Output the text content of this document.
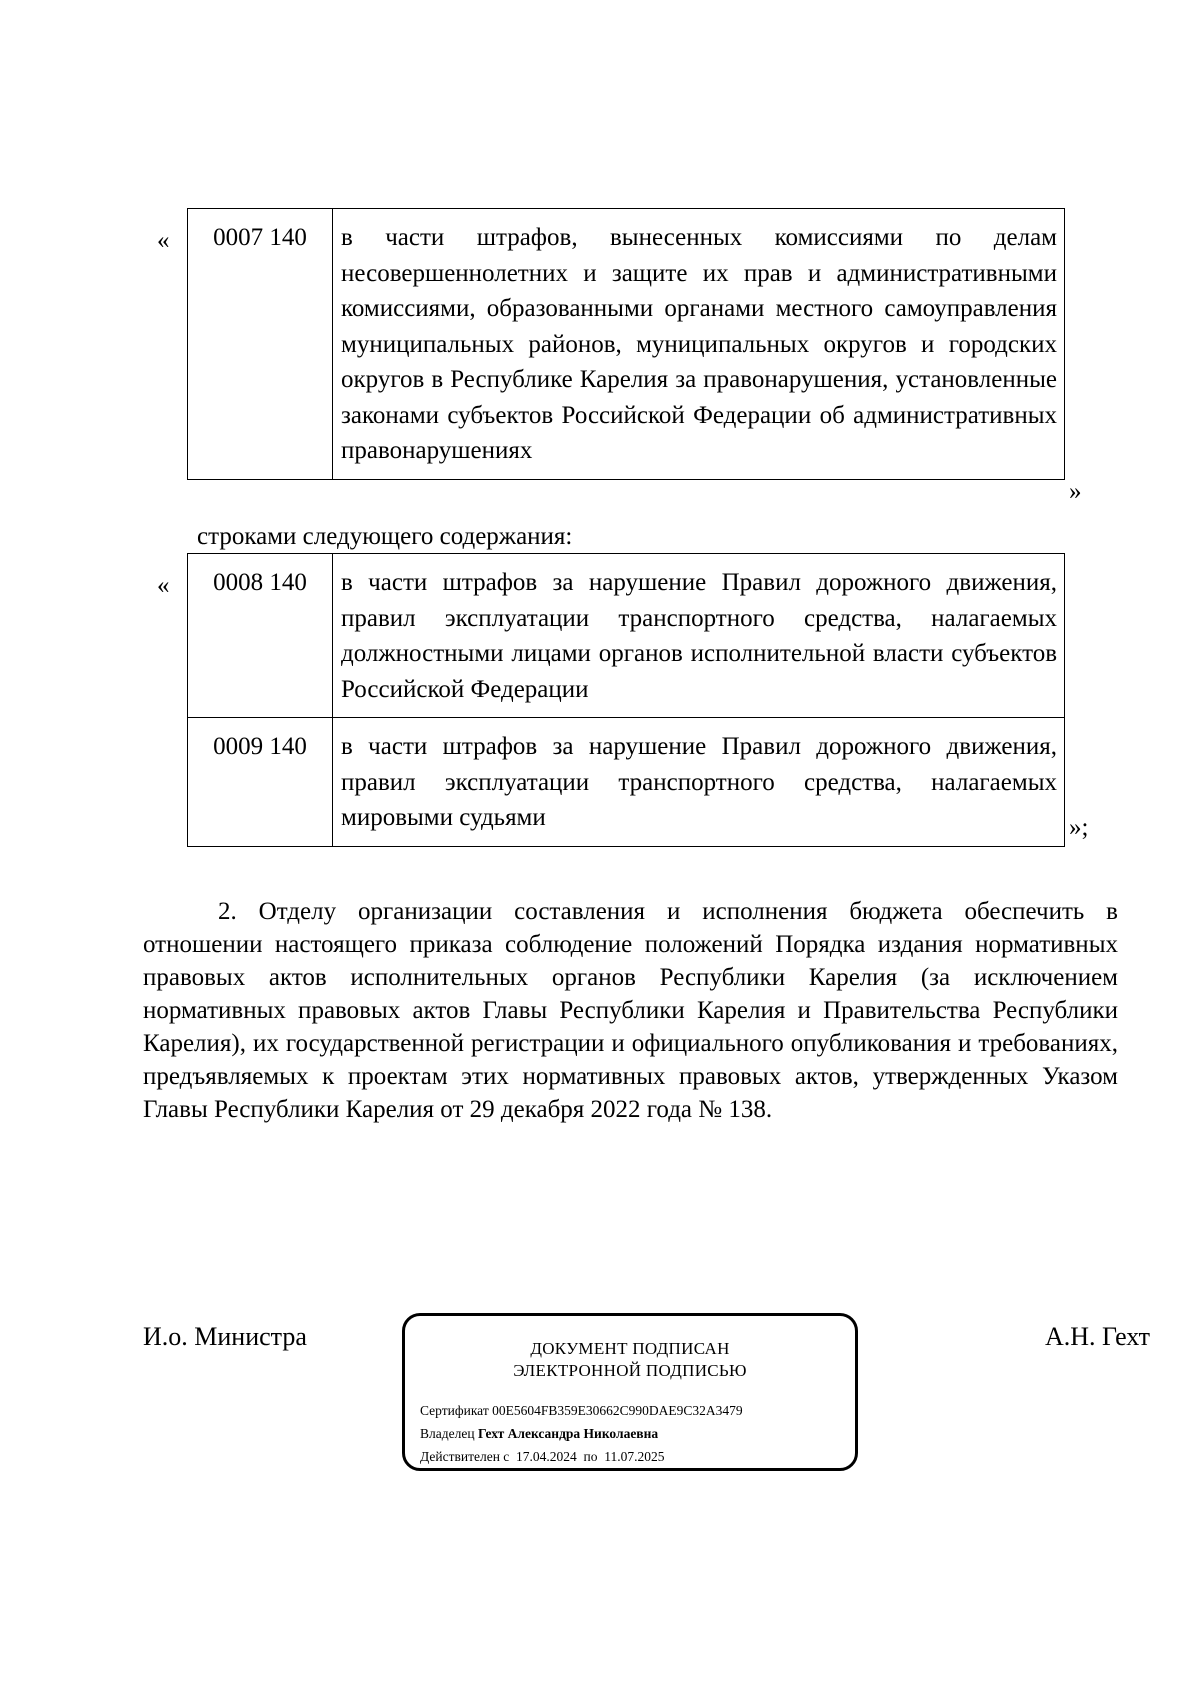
« 0007 140	в части штрафов, вынесенных комиссиями по делам несовершеннолетних и защите их прав и административными комиссиями, образованными органами местного самоуправления муниципальных районов, муниципальных округов и городских округов в Республике Карелия за правонарушения, установленные законами субъектов Российской Федерации об административных правонарушениях
»
строками следующего содержания:
« 0008 140	в части штрафов за нарушение Правил дорожного движения, правил эксплуатации транспортного средства, налагаемых должностными лицами органов исполнительной власти субъектов Российской Федерации
0009 140	в части штрафов за нарушение Правил дорожного движения, правил эксплуатации транспортного средства, налагаемых мировыми судьями	»;

2. Отделу организации составления и исполнения бюджета обеспечить в отношении настоящего приказа соблюдение положений Порядка издания нормативных правовых актов исполнительных органов Республики Карелия (за исключением нормативных правовых актов Главы Республики Карелия и Правительства Республики Карелия), их государственной регистрации и официального опубликования и требованиях, предъявляемых к проектам этих нормативных правовых актов, утвержденных Указом Главы Республики Карелия от 29 декабря 2022 года № 138.

И.о. Министра	ДОКУМЕНТ ПОДПИСАН
ЭЛЕКТРОННОЙ ПОДПИСЬЮ
Сертификат 00E5604FB359E30662C990DAE9C32A3479
Владелец Гехт Александра Николаевна
Действителен с 17.04.2024 по 11.07.2025
А.Н. Гехт
